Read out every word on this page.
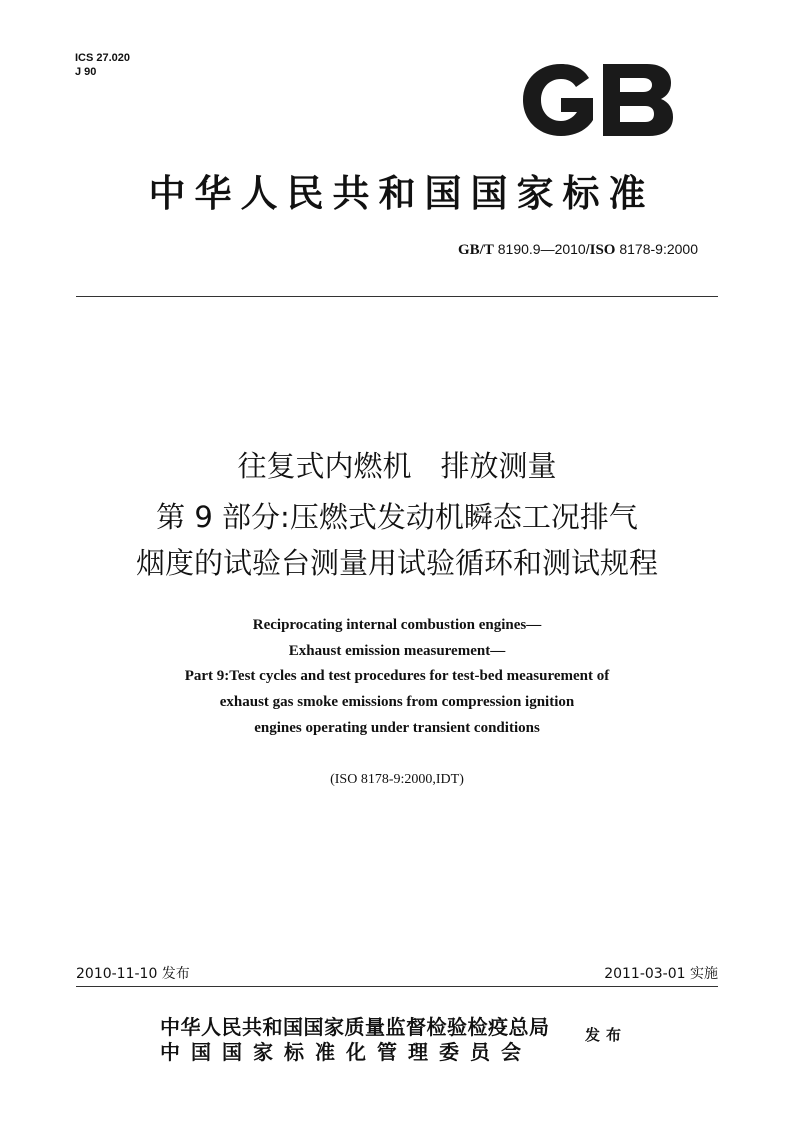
ICS 27.020
J 90
中华人民共和国国家标准
GB/T 8190.9—2010/ISO 8178-9:2000
往复式内燃机　排放测量
第 9 部分:压燃式发动机瞬态工况排气
烟度的试验台测量用试验循环和测试规程
Reciprocating internal combustion engines—
Exhaust emission measurement—
Part 9:Test cycles and test procedures for test-bed measurement of
exhaust gas smoke emissions from compression ignition
engines operating under transient conditions
(ISO 8178-9:2000,IDT)
2010-11-10 发布	2011-03-01 实施
中华人民共和国国家质量监督检验检疫总局
中国国家标准化管理委员会
发布
